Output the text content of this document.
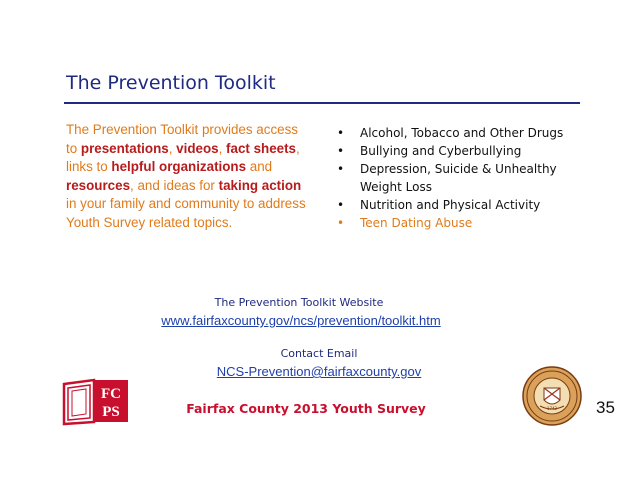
The Prevention Toolkit
The Prevention Toolkit provides access to presentations, videos, fact sheets, links to helpful organizations and resources, and ideas for taking action in your family and community to address Youth Survey related topics.
• Alcohol, Tobacco and Other Drugs
• Bullying and Cyberbullying
• Depression, Suicide & Unhealthy Weight Loss
• Nutrition and Physical Activity
• Teen Dating Abuse
The Prevention Toolkit Website
www.fairfaxcounty.gov/ncs/prevention/toolkit.htm
Contact Email
NCS-Prevention@fairfaxcounty.gov
Fairfax County 2013 Youth Survey	35
FC
PS	1742
